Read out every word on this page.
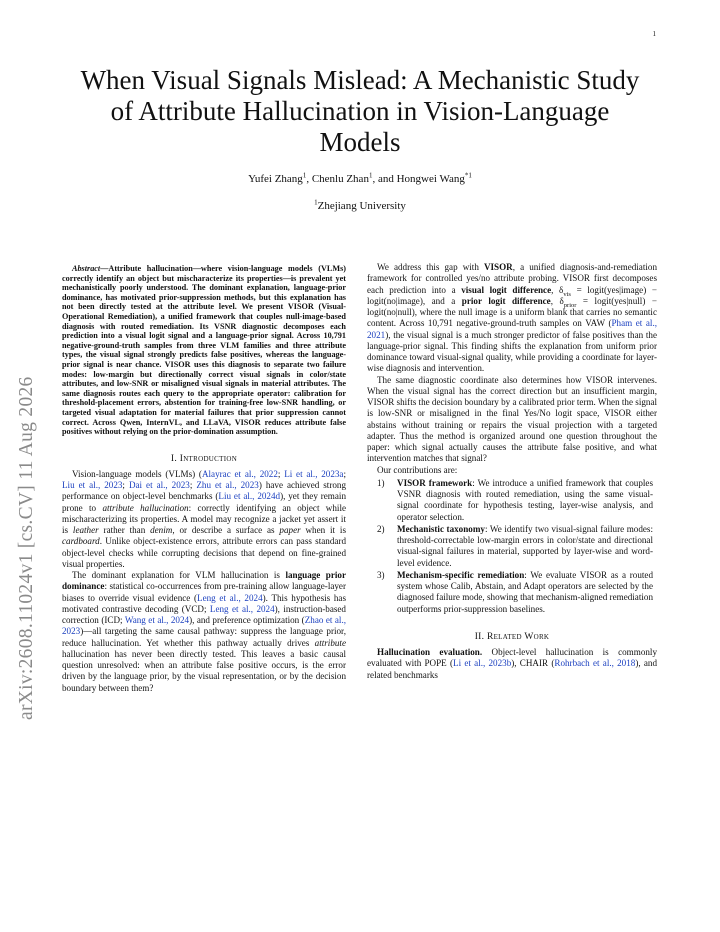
1
arXiv:2608.11024v1 [cs.CV] 11 Aug 2026
When Visual Signals Mislead: A Mechanistic Study
of Attribute Hallucination in Vision-Language
Models
Yufei Zhang$^1$, Chenlu Zhan$^1$, and Hongwei Wang$^{*1}$
$^1$Zhejiang University

Abstract—Attribute hallucination—where vision-language models (VLMs) correctly identify an object but mischaracterize its properties—is prevalent yet mechanistically poorly understood. The dominant explanation, language-prior dominance, has motivated prior-suppression methods, but this explanation has not been directly tested at the attribute level. We present VISOR (Visual-Operational Remediation), a unified framework that couples null-image-based diagnosis with routed remediation. Its VSNR diagnostic decomposes each prediction into a visual logit signal and a language-prior signal. Across 10,791 negative-ground-truth samples from three VLM families and three attribute types, the visual signal strongly predicts false positives, whereas the language-prior signal is near chance. VISOR uses this diagnosis to separate two failure modes: low-margin but directionally correct visual signals in color/state attributes, and low-SNR or misaligned visual signals in material attributes. The same diagnosis routes each query to the appropriate operator: calibration for threshold-placement errors, abstention for training-free low-SNR handling, or targeted visual adaptation for material failures that prior suppression cannot correct. Across Qwen, InternVL, and LLaVA, VISOR reduces attribute false positives without relying on the prior-domination assumption.

I. Introduction

Vision-language models (VLMs) (Alayrac et al., 2022; Li et al., 2023a; Liu et al., 2023; Dai et al., 2023; Zhu et al., 2023) have achieved strong performance on object-level benchmarks (Liu et al., 2024d), yet they remain prone to attribute hallucination: correctly identifying an object while mischaracterizing its properties. A model may recognize a jacket yet assert it is leather rather than denim, or describe a surface as paper when it is cardboard. Unlike object-existence errors, attribute errors can pass standard object-level checks while corrupting decisions that depend on fine-grained visual properties.

The dominant explanation for VLM hallucination is language prior dominance: statistical co-occurrences from pre-training allow language-layer biases to override visual evidence (Leng et al., 2024). This hypothesis has motivated contrastive decoding (VCD; Leng et al., 2024), instruction-based correction (ICD; Wang et al., 2024), and preference optimization (Zhao et al., 2023)—all targeting the same causal pathway: suppress the language prior, reduce hallucination. Yet whether this pathway actually drives attribute hallucination has never been directly tested. This leaves a basic causal question unresolved: when an attribute false positive occurs, is the error driven by the language prior, by the visual representation, or by the decision boundary between them?

We address this gap with VISOR, a unified diagnosis-and-remediation framework for controlled yes/no attribute probing. VISOR first decomposes each prediction into a visual logit difference, $\delta_{vis}$ = logit(yes|image) − logit(no|image), and a prior logit difference, $\delta_{prior}$ = logit(yes|null) − logit(no|null), where the null image is a uniform blank that carries no semantic content. Across 10,791 negative-ground-truth samples on VAW (Pham et al., 2021), the visual signal is a much stronger predictor of false positives than the language-prior signal. This finding shifts the explanation from uniform prior dominance toward visual-signal quality, while providing a coordinate for layer-wise diagnosis and intervention.

The same diagnostic coordinate also determines how VISOR intervenes. When the visual signal has the correct direction but an insufficient margin, VISOR shifts the decision boundary by a calibrated prior term. When the signal is low-SNR or misaligned in the final Yes/No logit space, VISOR either abstains without training or repairs the visual projection with a targeted adapter. Thus the method is organized around one question throughout the paper: which signal actually causes the attribute false positive, and what intervention matches that signal?

Our contributions are:

1) VISOR framework: We introduce a unified framework that couples VSNR diagnosis with routed remediation, using the same visual-signal coordinate for hypothesis testing, layer-wise analysis, and operator selection.
2) Mechanistic taxonomy: We identify two visual-signal failure modes: threshold-correctable low-margin errors in color/state and directional visual-signal failures in material, supported by layer-wise and word-level evidence.
3) Mechanism-specific remediation: We evaluate VISOR as a routed system whose Calib, Abstain, and Adapt operators are selected by the diagnosed failure mode, showing that mechanism-aligned remediation outperforms prior-suppression baselines.
II. Related Work

Hallucination evaluation. Object-level hallucination is commonly evaluated with POPE (Li et al., 2023b), CHAIR (Rohrbach et al., 2018), and related benchmarks
